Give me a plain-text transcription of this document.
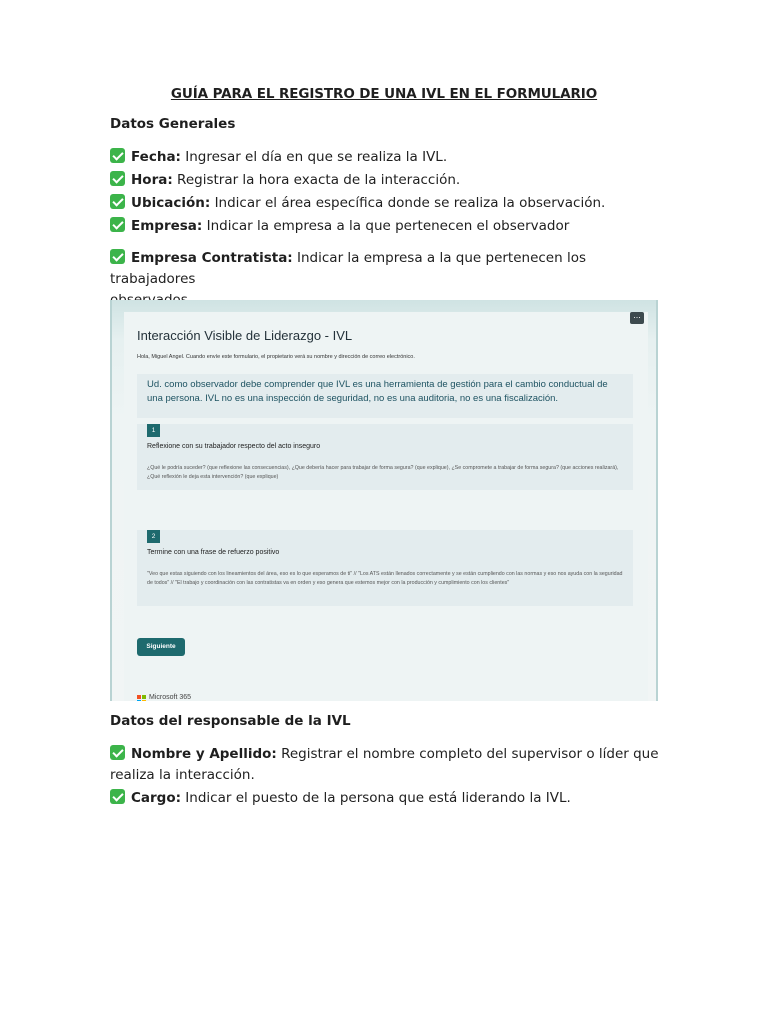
GUÍA PARA EL REGISTRO DE UNA IVL EN EL FORMULARIO
Datos Generales
Fecha: Ingresar el día en que se realiza la IVL.
Hora: Registrar la hora exacta de la interacción.
Ubicación: Indicar el área específica donde se realiza la observación.
Empresa: Indicar la empresa a la que pertenecen el observador
Empresa Contratista: Indicar la empresa a la que pertenecen los trabajadores

Datos del responsable de la IVL
Nombre y Apellido: Registrar el nombre completo del supervisor o líder que
realiza la interacción.
Cargo: Indicar el puesto de la persona que está liderando la IVL.
...
Interacción Visible de Liderazgo - IVL
Hola, Miguel Angel. Cuando envíe este formulario, el propietario verá su nombre y dirección de correo electrónico.
Ud. como observador debe comprender que IVL es una herramienta de gestión para el cambio conductual de una persona. IVL no es una inspección de seguridad, no es una auditoria, no es una fiscalización.
1
Reflexione con su trabajador respecto del acto inseguro
¿Qué le podría suceder? (que reflexione las consecuencias), ¿Que debería hacer para trabajar de forma segura? (que explique), ¿Se compromete a trabajar de forma segura? (que acciones realizará), ¿Qué reflexión le deja esta intervención? (que explique)
2
Termine con una frase de refuerzo positivo
"Veo que estas siguiendo con los lineamientos del área, eso es lo que esperamos de ti" // "Los ATS están llenados correctamente y se están cumpliendo con las normas y eso nos ayuda con la seguridad de todos" // "El trabajo y coordinación con las contratistas va en orden y eso genera que estemos mejor con la producción y cumplimiento con los clientes"
Siguiente
Microsoft 365
